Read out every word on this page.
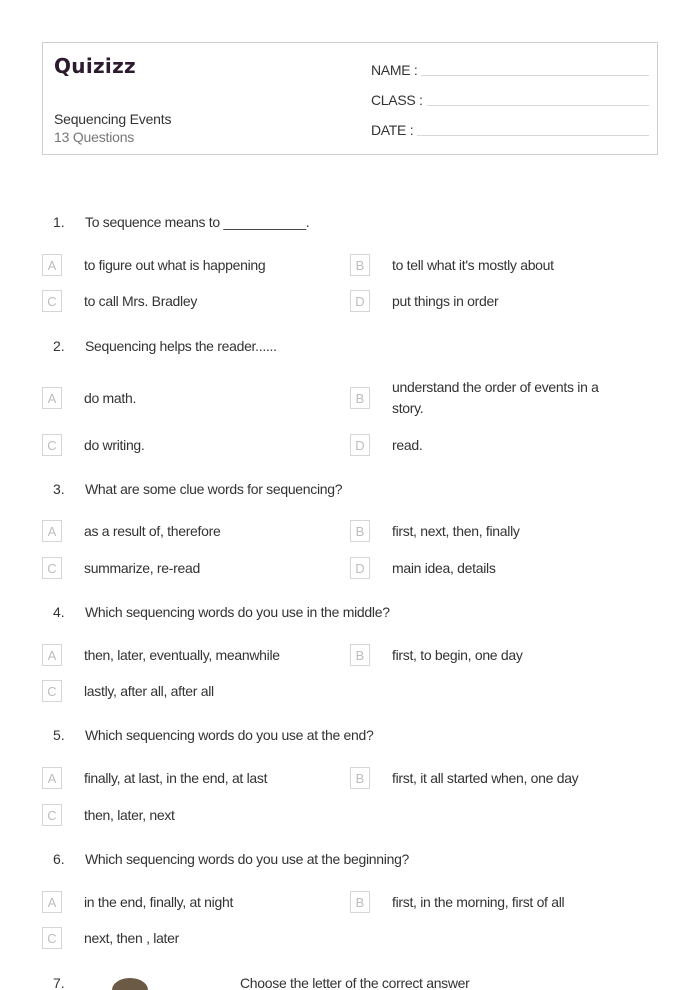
Quizizz
Sequencing Events
13 Questions
NAME :
CLASS :
DATE :
1. To sequence means to ___________.
A	to figure out what is happening	B	to tell what it's mostly about
C	to call Mrs. Bradley	D	put things in order
2. Sequencing helps the reader......
A	do math.	B
understand the order of events in a story.
C	do writing.	D	read.
3. What are some clue words for sequencing?
A	as a result of, therefore	B	first, next, then, finally
C	summarize, re-read	D	main idea, details
4. Which sequencing words do you use in the middle?
A	then, later, eventually, meanwhile	B	first, to begin, one day
C	lastly, after all, after all
5. Which sequencing words do you use at the end?
A	finally, at last, in the end, at last	B	first, it all started when, one day
C	then, later, next
6. Which sequencing words do you use at the beginning?
A	in the end, finally, at night	B	first, in the morning, first of all
C	next, then , later
7.	Choose the letter of the correct answer
